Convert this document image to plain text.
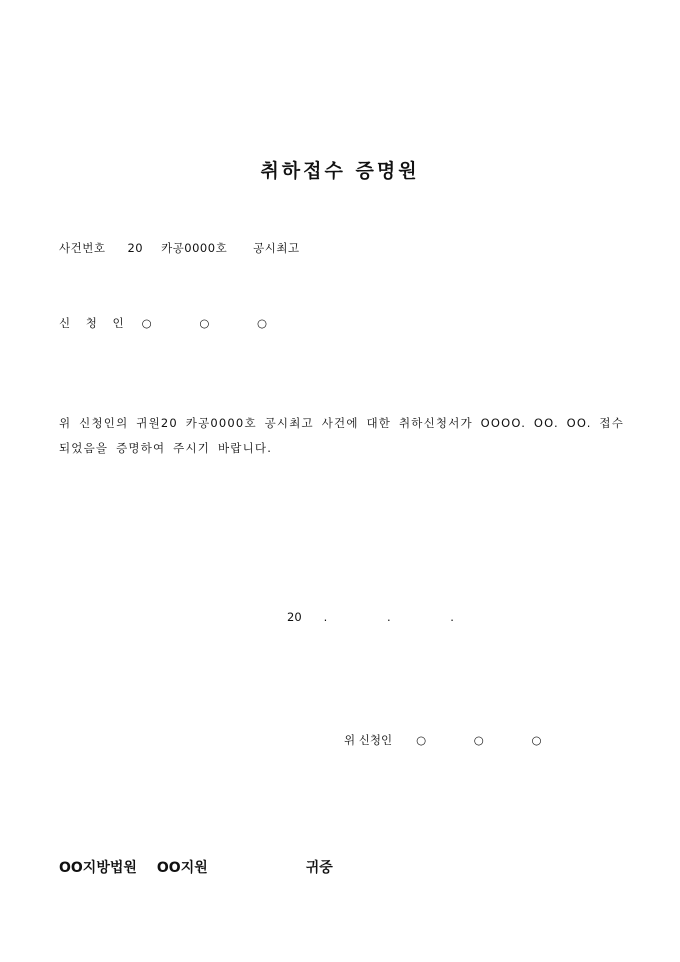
취하접수 증명원
사건번호 20 카공0000호 공시최고
신 청 인 ○ ○ ○
위 신청인의 귀원20 카공0000호 공시최고 사건에 대한 취하신청서가 OOOO. OO. OO. 접수 되었음을 증명하여 주시기 바랍니다.
20 . . .
위 신청인 ○ ○ ○
OO지방법원 OO지원	귀중
